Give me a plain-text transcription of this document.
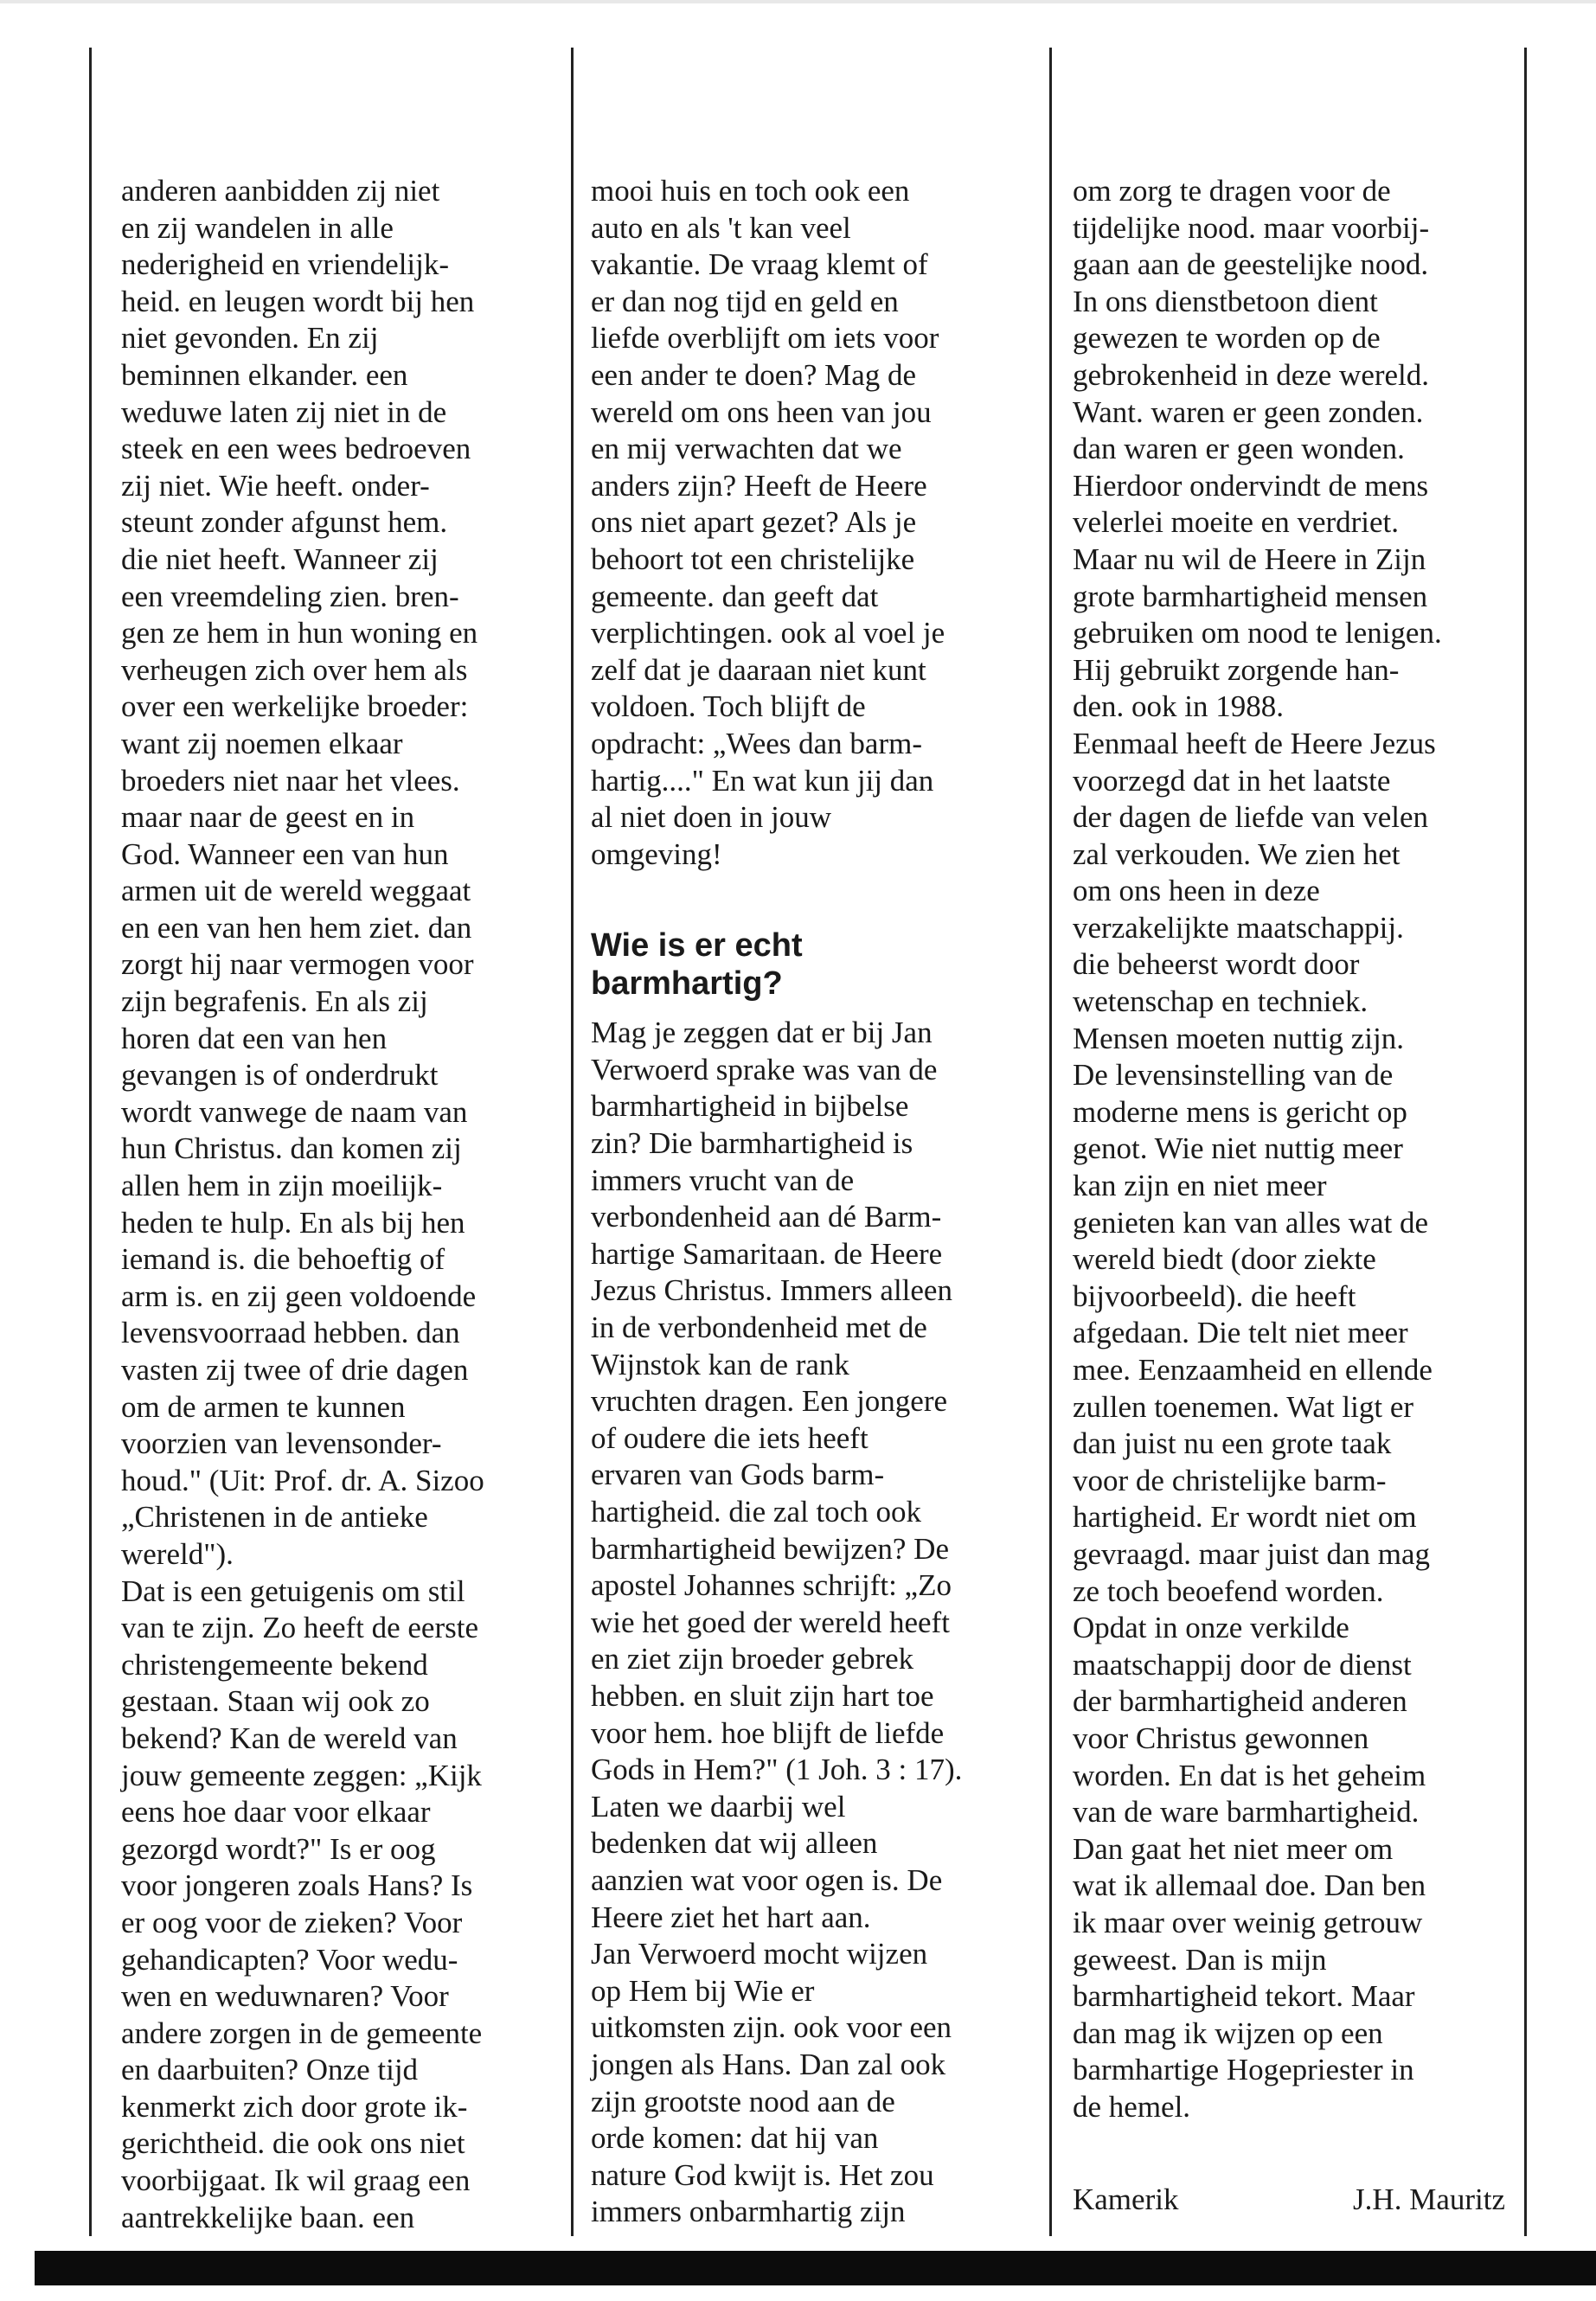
anderen aanbidden zij niet
en zij wandelen in alle
nederigheid en vriendelijk-
heid. en leugen wordt bij hen
niet gevonden. En zij
beminnen elkander. een
weduwe laten zij niet in de
steek en een wees bedroeven
zij niet. Wie heeft. onder-
steunt zonder afgunst hem.
die niet heeft. Wanneer zij
een vreemdeling zien. bren-
gen ze hem in hun woning en
verheugen zich over hem als
over een werkelijke broeder:
want zij noemen elkaar
broeders niet naar het vlees.
maar naar de geest en in
God. Wanneer een van hun
armen uit de wereld weggaat
en een van hen hem ziet. dan
zorgt hij naar vermogen voor
zijn begrafenis. En als zij
horen dat een van hen
gevangen is of onderdrukt
wordt vanwege de naam van
hun Christus. dan komen zij
allen hem in zijn moeilijk-
heden te hulp. En als bij hen
iemand is. die behoeftig of
arm is. en zij geen voldoende
levensvoorraad hebben. dan
vasten zij twee of drie dagen
om de armen te kunnen
voorzien van levensonder-
houd." (Uit: Prof. dr. A. Sizoo
„Christenen in de antieke
wereld").
Dat is een getuigenis om stil
van te zijn. Zo heeft de eerste
christengemeente bekend
gestaan. Staan wij ook zo
bekend? Kan de wereld van
jouw gemeente zeggen: „Kijk
eens hoe daar voor elkaar
gezorgd wordt?" Is er oog
voor jongeren zoals Hans? Is
er oog voor de zieken? Voor
gehandicapten? Voor wedu-
wen en weduwnaren? Voor
andere zorgen in de gemeente
en daarbuiten? Onze tijd
kenmerkt zich door grote ik-
gerichtheid. die ook ons niet
voorbijgaat. Ik wil graag een
aantrekkelijke baan. een
mooi huis en toch ook een
auto en als 't kan veel
vakantie. De vraag klemt of
er dan nog tijd en geld en
liefde overblijft om iets voor
een ander te doen? Mag de
wereld om ons heen van jou
en mij verwachten dat we
anders zijn? Heeft de Heere
ons niet apart gezet? Als je
behoort tot een christelijke
gemeente. dan geeft dat
verplichtingen. ook al voel je
zelf dat je daaraan niet kunt
voldoen. Toch blijft de
opdracht: „Wees dan barm-
hartig...." En wat kun jij dan
al niet doen in jouw
omgeving!
Wie is er echt
barmhartig?
Mag je zeggen dat er bij Jan
Verwoerd sprake was van de
barmhartigheid in bijbelse
zin? Die barmhartigheid is
immers vrucht van de
verbondenheid aan dé Barm-
hartige Samaritaan. de Heere
Jezus Christus. Immers alleen
in de verbondenheid met de
Wijnstok kan de rank
vruchten dragen. Een jongere
of oudere die iets heeft
ervaren van Gods barm-
hartigheid. die zal toch ook
barmhartigheid bewijzen? De
apostel Johannes schrijft: „Zo
wie het goed der wereld heeft
en ziet zijn broeder gebrek
hebben. en sluit zijn hart toe
voor hem. hoe blijft de liefde
Gods in Hem?" (1 Joh. 3 : 17).
Laten we daarbij wel
bedenken dat wij alleen
aanzien wat voor ogen is. De
Heere ziet het hart aan.
Jan Verwoerd mocht wijzen
op Hem bij Wie er
uitkomsten zijn. ook voor een
jongen als Hans. Dan zal ook
zijn grootste nood aan de
orde komen: dat hij van
nature God kwijt is. Het zou
immers onbarmhartig zijn
om zorg te dragen voor de
tijdelijke nood. maar voorbij-
gaan aan de geestelijke nood.
In ons dienstbetoon dient
gewezen te worden op de
gebrokenheid in deze wereld.
Want. waren er geen zonden.
dan waren er geen wonden.
Hierdoor ondervindt de mens
velerlei moeite en verdriet.
Maar nu wil de Heere in Zijn
grote barmhartigheid mensen
gebruiken om nood te lenigen.
Hij gebruikt zorgende han-
den. ook in 1988.
Eenmaal heeft de Heere Jezus
voorzegd dat in het laatste
der dagen de liefde van velen
zal verkouden. We zien het
om ons heen in deze
verzakelijkte maatschappij.
die beheerst wordt door
wetenschap en techniek.
Mensen moeten nuttig zijn.
De levensinstelling van de
moderne mens is gericht op
genot. Wie niet nuttig meer
kan zijn en niet meer
genieten kan van alles wat de
wereld biedt (door ziekte
bijvoorbeeld). die heeft
afgedaan. Die telt niet meer
mee. Eenzaamheid en ellende
zullen toenemen. Wat ligt er
dan juist nu een grote taak
voor de christelijke barm-
hartigheid. Er wordt niet om
gevraagd. maar juist dan mag
ze toch beoefend worden.
Opdat in onze verkilde
maatschappij door de dienst
der barmhartigheid anderen
voor Christus gewonnen
worden. En dat is het geheim
van de ware barmhartigheid.
Dan gaat het niet meer om
wat ik allemaal doe. Dan ben
ik maar over weinig getrouw
geweest. Dan is mijn
barmhartigheid tekort. Maar
dan mag ik wijzen op een
barmhartige Hogepriester in
de hemel.
Kamerik	J.H. Mauritz
